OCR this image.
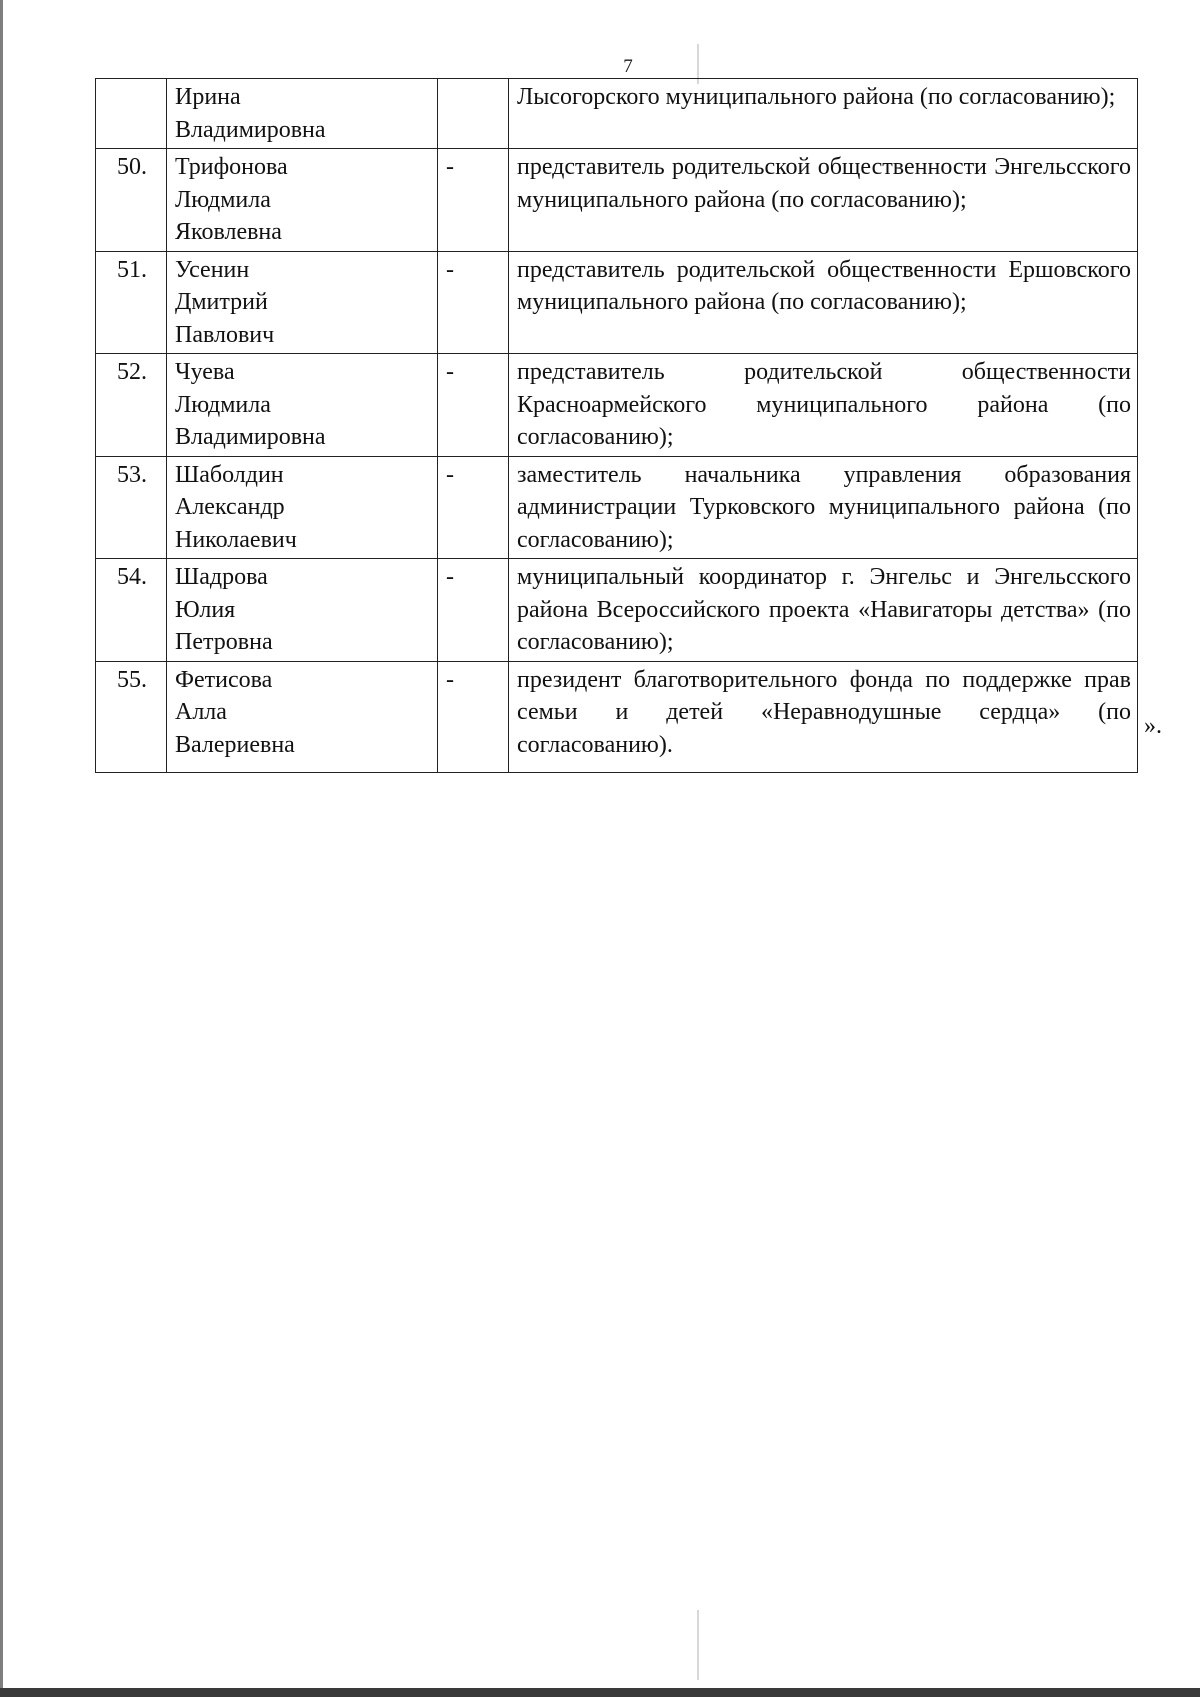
7

	Ирина
Владимировна		Лысогорского муниципального района (по согласованию);
50.	Трифонова
Людмила
Яковлевна	-	представитель родительской общественности Энгельсского муниципального района (по согласованию);
51.	Усенин
Дмитрий
Павлович	-	представитель родительской общественности Ершовского муниципального района (по согласованию);
52.	Чуева
Людмила
Владимировна	-	представитель родительской общественности Красноармейского муниципального района (по согласованию);
53.	Шаболдин
Александр
Николаевич	-	заместитель начальника управления образования администрации Турковского муниципального района (по согласованию);
54.	Шадрова
Юлия
Петровна	-	муниципальный координатор г. Энгельс и Энгельсского района Всероссийского проекта «Навигаторы детства» (по согласованию);
55.	Фетисова
Алла
Валериевна	-	президент благотворительного фонда по поддержке прав семьи и детей «Неравнодушные сердца» (по согласованию).
».
